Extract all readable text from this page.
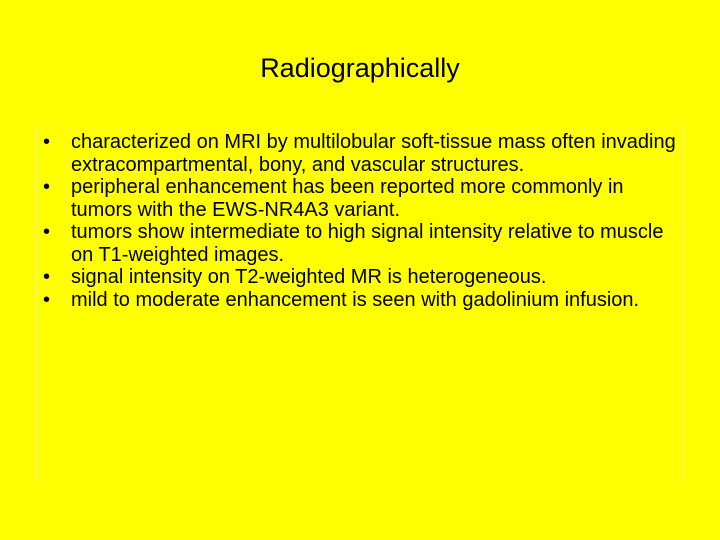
Radiographically
• characterized on MRI by multilobular soft-tissue mass often invading extracompartmental, bony, and vascular structures.
• peripheral enhancement has been reported more commonly in tumors with the EWS-NR4A3 variant.
• tumors show intermediate to high signal intensity relative to muscle on T1-weighted images.
• signal intensity on T2-weighted MR is heterogeneous.
• mild to moderate enhancement is seen with gadolinium infusion.
